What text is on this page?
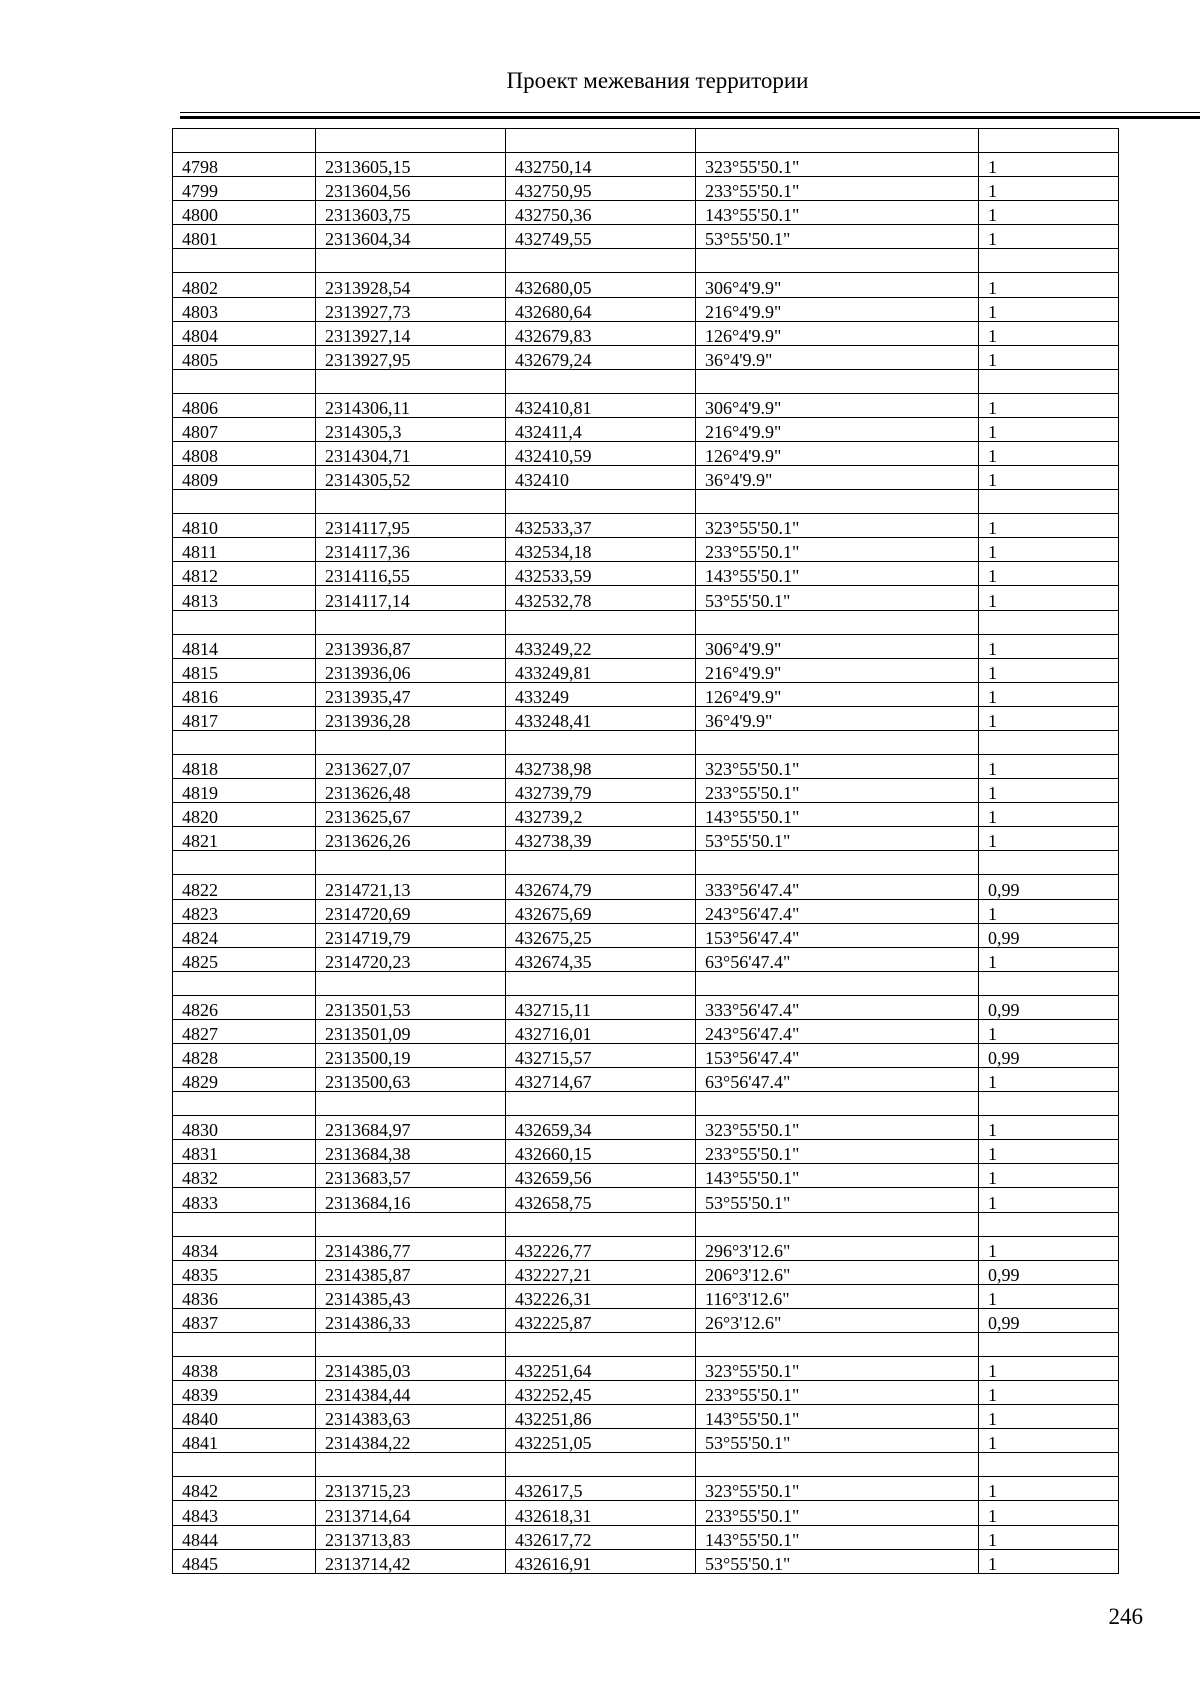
Проект межевания территории

4798	2313605,15	432750,14	323°55'50.1"	1
4799	2313604,56	432750,95	233°55'50.1"	1
4800	2313603,75	432750,36	143°55'50.1"	1
4801	2313604,34	432749,55	53°55'50.1"	1

4802	2313928,54	432680,05	306°4'9.9"	1
4803	2313927,73	432680,64	216°4'9.9"	1
4804	2313927,14	432679,83	126°4'9.9"	1
4805	2313927,95	432679,24	36°4'9.9"	1

4806	2314306,11	432410,81	306°4'9.9"	1
4807	2314305,3	432411,4	216°4'9.9"	1
4808	2314304,71	432410,59	126°4'9.9"	1
4809	2314305,52	432410	36°4'9.9"	1

4810	2314117,95	432533,37	323°55'50.1"	1
4811	2314117,36	432534,18	233°55'50.1"	1
4812	2314116,55	432533,59	143°55'50.1"	1
4813	2314117,14	432532,78	53°55'50.1"	1

4814	2313936,87	433249,22	306°4'9.9"	1
4815	2313936,06	433249,81	216°4'9.9"	1
4816	2313935,47	433249	126°4'9.9"	1
4817	2313936,28	433248,41	36°4'9.9"	1

4818	2313627,07	432738,98	323°55'50.1"	1
4819	2313626,48	432739,79	233°55'50.1"	1
4820	2313625,67	432739,2	143°55'50.1"	1
4821	2313626,26	432738,39	53°55'50.1"	1

4822	2314721,13	432674,79	333°56'47.4"	0,99
4823	2314720,69	432675,69	243°56'47.4"	1
4824	2314719,79	432675,25	153°56'47.4"	0,99
4825	2314720,23	432674,35	63°56'47.4"	1

4826	2313501,53	432715,11	333°56'47.4"	0,99
4827	2313501,09	432716,01	243°56'47.4"	1
4828	2313500,19	432715,57	153°56'47.4"	0,99
4829	2313500,63	432714,67	63°56'47.4"	1

4830	2313684,97	432659,34	323°55'50.1"	1
4831	2313684,38	432660,15	233°55'50.1"	1
4832	2313683,57	432659,56	143°55'50.1"	1
4833	2313684,16	432658,75	53°55'50.1"	1

4834	2314386,77	432226,77	296°3'12.6"	1
4835	2314385,87	432227,21	206°3'12.6"	0,99
4836	2314385,43	432226,31	116°3'12.6"	1
4837	2314386,33	432225,87	26°3'12.6"	0,99

4838	2314385,03	432251,64	323°55'50.1"	1
4839	2314384,44	432252,45	233°55'50.1"	1
4840	2314383,63	432251,86	143°55'50.1"	1
4841	2314384,22	432251,05	53°55'50.1"	1

4842	2313715,23	432617,5	323°55'50.1"	1
4843	2313714,64	432618,31	233°55'50.1"	1
4844	2313713,83	432617,72	143°55'50.1"	1
4845	2313714,42	432616,91	53°55'50.1"	1
246
